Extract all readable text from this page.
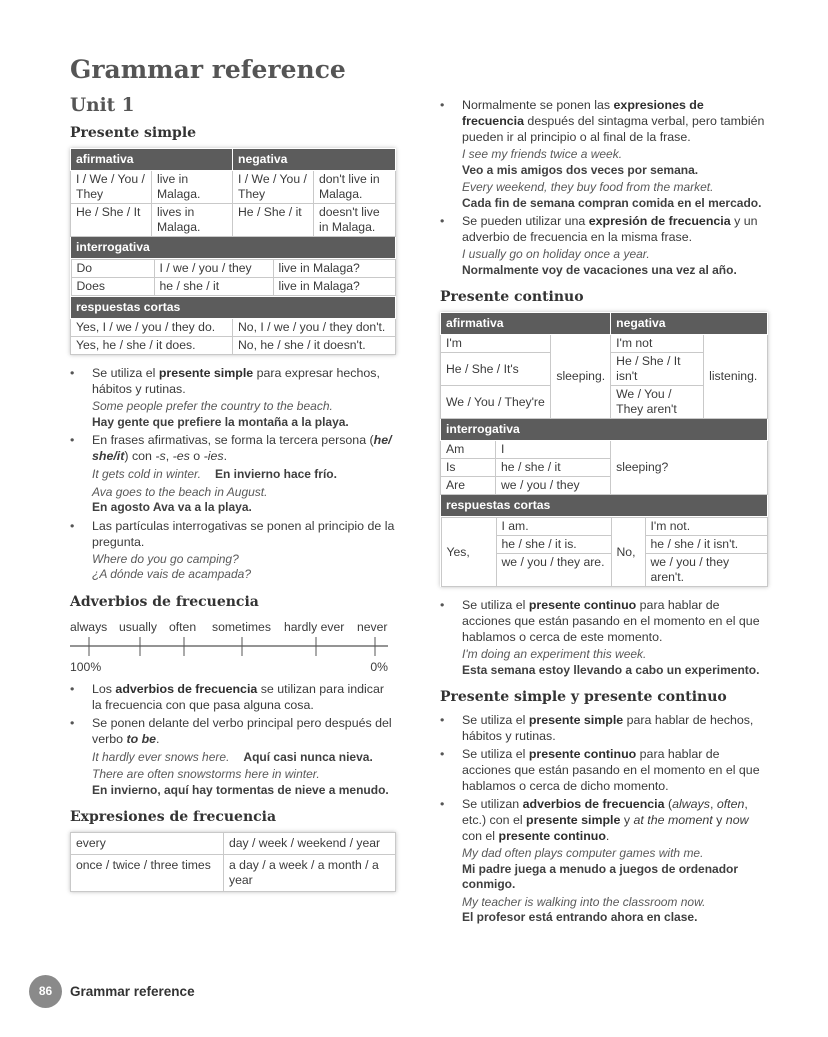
Grammar reference
Unit 1
Presente simple
afirmativa	negativa
I / We / You / They	live in Malaga.	I / We / You / They	don't live in Malaga.
He / She / It	lives in Malaga.	He / She / it	doesn't live in Malaga.
interrogativa

Do	I / we / you / they	live in Malaga?
Does	he / she / it	live in Malaga?

respuestas cortas
Yes, I / we / you / they do.	No, I / we / you / they don't.
Yes, he / she / it does.	No, he / she / it doesn't.
• Se utiliza el presente simple para expresar hechos, hábitos y rutinas.
Some people prefer the country to the beach.
Hay gente que prefiere la montaña a la playa.
• En frases afirmativas, se forma la tercera persona (he/ she/it) con -s, -es o -ies.
It gets cold in winter. En invierno hace frío.
Ava goes to the beach in August.
En agosto Ava va a la playa.
• Las partículas interrogativas se ponen al principio de la pregunta.
Where do you go camping?
¿A dónde vais de acampada?
Adverbios de frecuencia
always usually often sometimes hardly ever never
100%	0%
• Los adverbios de frecuencia se utilizan para indicar la frecuencia con que pasa alguna cosa.
• Se ponen delante del verbo principal pero después del verbo to be.
It hardly ever snows here. Aquí casi nunca nieva.
There are often snowstorms here in winter.
En invierno, aquí hay tormentas de nieve a menudo.
Expresiones de frecuencia
every	day / week / weekend / year
once / twice / three times	a day / a week / a month / a year
• Normalmente se ponen las expresiones de frecuencia después del sintagma verbal, pero también pueden ir al principio o al final de la frase.
I see my friends twice a week.
Veo a mis amigos dos veces por semana.
Every weekend, they buy food from the market.
Cada fin de semana compran comida en el mercado.
• Se pueden utilizar una expresión de frecuencia y un adverbio de frecuencia en la misma frase.
I usually go on holiday once a year.
Normalmente voy de vacaciones una vez al año.
Presente continuo
afirmativa	negativa
I'm	sleeping.	I'm not	listening.
He / She / It's	He / She / It isn't
We / You / They're	We / You / They aren't
interrogativa
Am	I	sleeping?
Is	he / she / it
Are	we / you / they
respuestas cortas

Yes,	I am.	No,	I'm not.
he / she / it is.	he / she / it isn't.
we / you / they are.	we / you / they aren't.
• Se utiliza el presente continuo para hablar de acciones que están pasando en el momento en el que hablamos o cerca de este momento.
I'm doing an experiment this week.
Esta semana estoy llevando a cabo un experimento.
Presente simple y presente continuo
• Se utiliza el presente simple para hablar de hechos, hábitos y rutinas.
• Se utiliza el presente continuo para hablar de acciones que están pasando en el momento en el que hablamos o cerca de dicho momento.
• Se utilizan adverbios de frecuencia (always, often, etc.) con el presente simple y at the moment y now con el presente continuo.
My dad often plays computer games with me.
Mi padre juega a menudo a juegos de ordenador conmigo.
My teacher is walking into the classroom now.
El profesor está entrando ahora en clase.
86	Grammar reference
